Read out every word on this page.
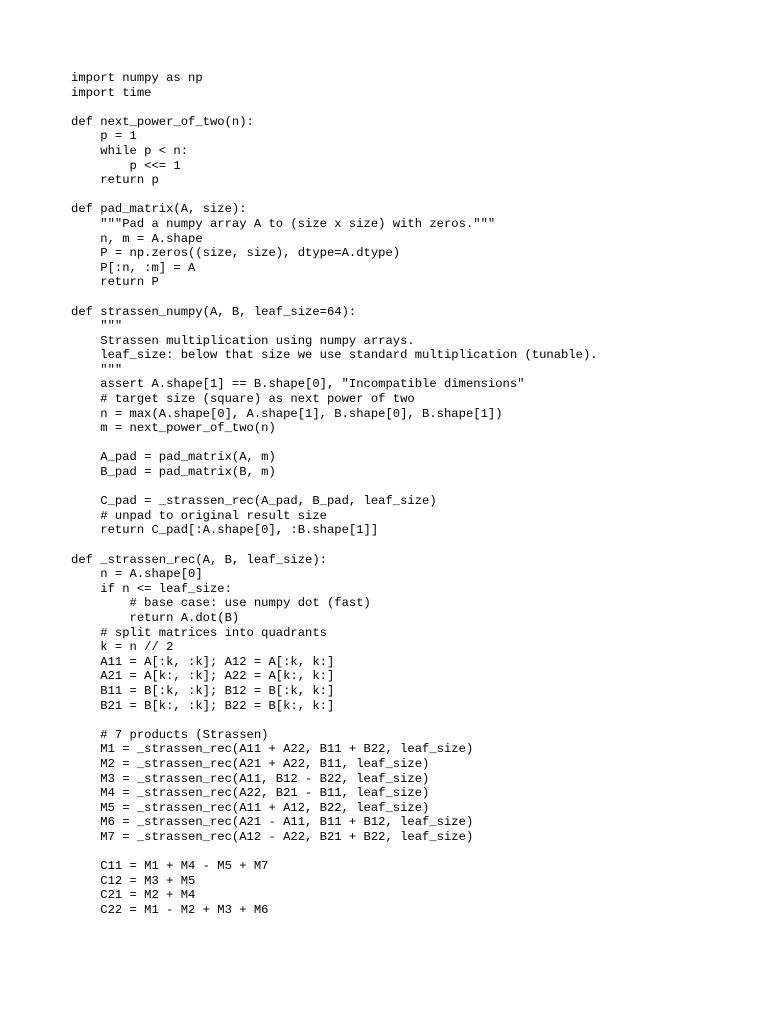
import numpy as np
import time
def next_power_of_two(n):
p = 1
while p < n:
p <<= 1
return p
def pad_matrix(A, size):
"""Pad a numpy array A to (size x size) with zeros."""
n, m = A.shape
P = np.zeros((size, size), dtype=A.dtype)
P[:n, :m] = A
return P
def strassen_numpy(A, B, leaf_size=64):
"""
Strassen multiplication using numpy arrays.
leaf_size: below that size we use standard multiplication (tunable).
"""
assert A.shape[1] == B.shape[0], "Incompatible dimensions"
# target size (square) as next power of two
n = max(A.shape[0], A.shape[1], B.shape[0], B.shape[1])
m = next_power_of_two(n)
A_pad = pad_matrix(A, m)
B_pad = pad_matrix(B, m)
C_pad = _strassen_rec(A_pad, B_pad, leaf_size)
# unpad to original result size
return C_pad[:A.shape[0], :B.shape[1]]
def _strassen_rec(A, B, leaf_size):
n = A.shape[0]
if n <= leaf_size:
# base case: use numpy dot (fast)
return A.dot(B)
# split matrices into quadrants
k = n // 2
A11 = A[:k, :k]; A12 = A[:k, k:]
A21 = A[k:, :k]; A22 = A[k:, k:]
B11 = B[:k, :k]; B12 = B[:k, k:]
B21 = B[k:, :k]; B22 = B[k:, k:]
# 7 products (Strassen)
M1 = _strassen_rec(A11 + A22, B11 + B22, leaf_size)
M2 = _strassen_rec(A21 + A22, B11, leaf_size)
M3 = _strassen_rec(A11, B12 - B22, leaf_size)
M4 = _strassen_rec(A22, B21 - B11, leaf_size)
M5 = _strassen_rec(A11 + A12, B22, leaf_size)
M6 = _strassen_rec(A21 - A11, B11 + B12, leaf_size)
M7 = _strassen_rec(A12 - A22, B21 + B22, leaf_size)
C11 = M1 + M4 - M5 + M7
C12 = M3 + M5
C21 = M2 + M4
C22 = M1 - M2 + M3 + M6
